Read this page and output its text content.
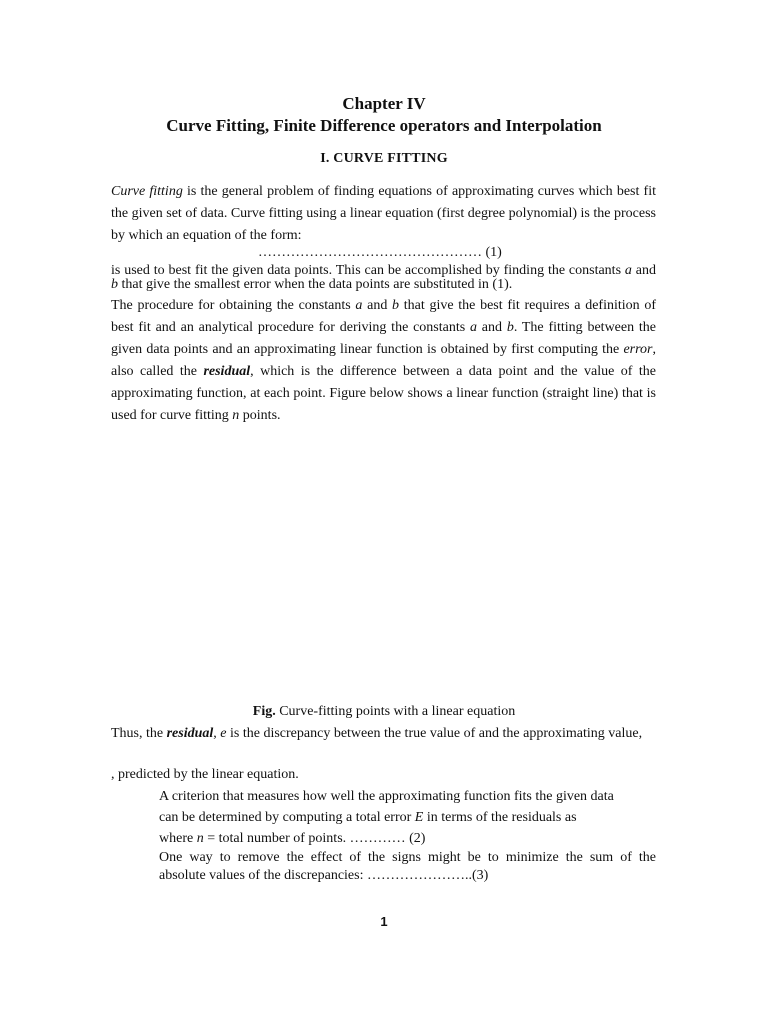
Chapter IV
Curve Fitting, Finite Difference operators and Interpolation
I. CURVE FITTING
Curve fitting is the general problem of finding equations of approximating curves which best fit the given set of data. Curve fitting using a linear equation (first degree polynomial) is the process by which an equation of the form:
………………………………………… (1)
is used to best fit the given data points. This can be accomplished by finding the constants a and b that give the smallest error when the data points are substituted in (1).
The procedure for obtaining the constants a and b that give the best fit requires a definition of best fit and an analytical procedure for deriving the constants a and b. The fitting between the given data points and an approximating linear function is obtained by first computing the error, also called the residual, which is the difference between a data point and the value of the approximating function, at each point. Figure below shows a linear function (straight line) that is used for curve fitting n points.
Fig. Curve-fitting points with a linear equation
Thus, the residual, e is the discrepancy between the true value of and the approximating value,
, predicted by the linear equation.
A criterion that measures how well the approximating function fits the given data
can be determined by computing a total error E in terms of the residuals as
where n = total number of points. ………… (2)
One way to remove the effect of the signs might be to minimize the sum of the
absolute values of the discrepancies: …………………..(3)
1
